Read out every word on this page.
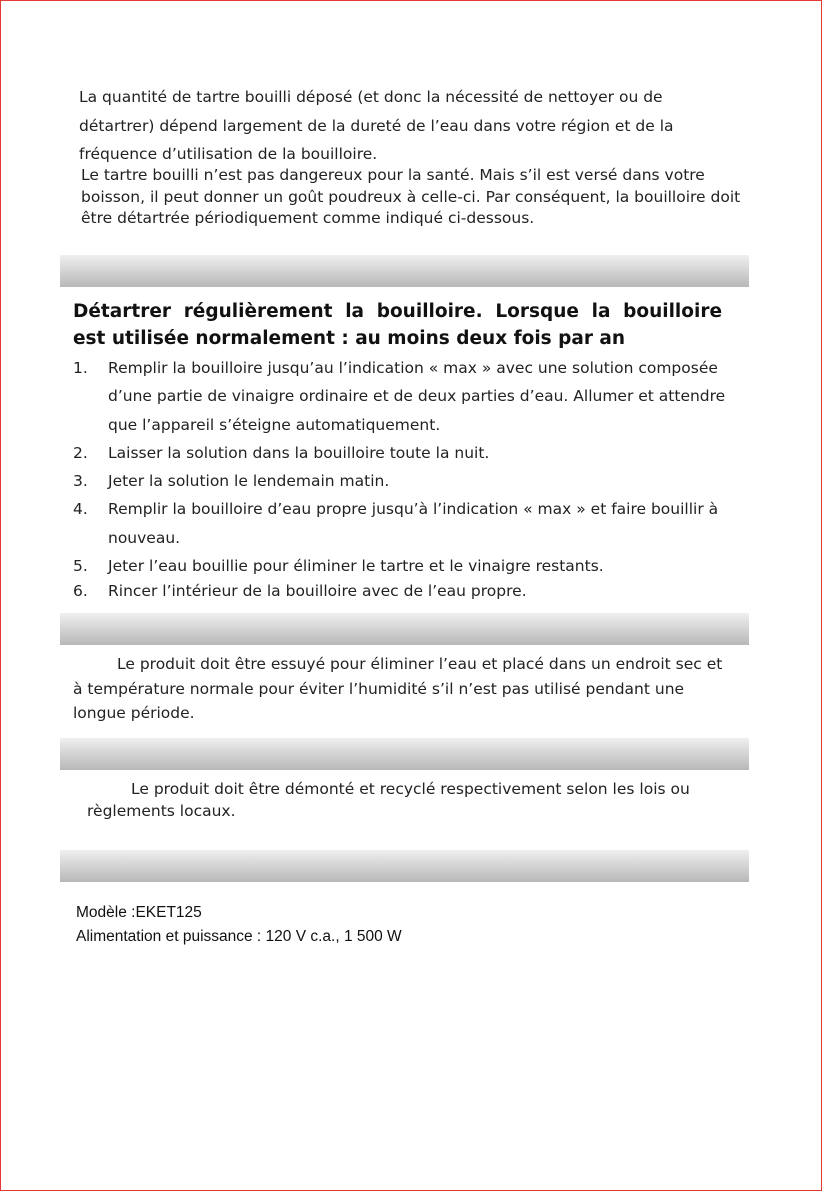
La quantité de tartre bouilli déposé (et donc la nécessité de nettoyer ou de détartrer) dépend largement de la dureté de l’eau dans votre région et de la fréquence d’utilisation de la bouilloire.

Le tartre bouilli n’est pas dangereux pour la santé. Mais s’il est versé dans votre boisson, il peut donner un goût poudreux à celle-ci. Par conséquent, la bouilloire doit être détartrée périodiquement comme indiqué ci-dessous.

Détartrer régulièrement la bouilloire. Lorsque la bouilloire est utilisée normalement : au moins deux fois par an
1. Remplir la bouilloire jusqu’au l’indication « max » avec une solution composée d’une partie de vinaigre ordinaire et de deux parties d’eau. Allumer et attendre que l’appareil s’éteigne automatiquement.
2. Laisser la solution dans la bouilloire toute la nuit.
3. Jeter la solution le lendemain matin.
4. Remplir la bouilloire d’eau propre jusqu’à l’indication « max » et faire bouillir à nouveau.
5. Jeter l’eau bouillie pour éliminer le tartre et le vinaigre restants.
6. Rincer l’intérieur de la bouilloire avec de l’eau propre.

Le produit doit être essuyé pour éliminer l’eau et placé dans un endroit sec et à température normale pour éviter l’humidité s’il n’est pas utilisé pendant une longue période.

Le produit doit être démonté et recyclé respectivement selon les lois ou règlements locaux.

Modèle :EKET125
Alimentation et puissance : 120 V c.a., 1 500 W
